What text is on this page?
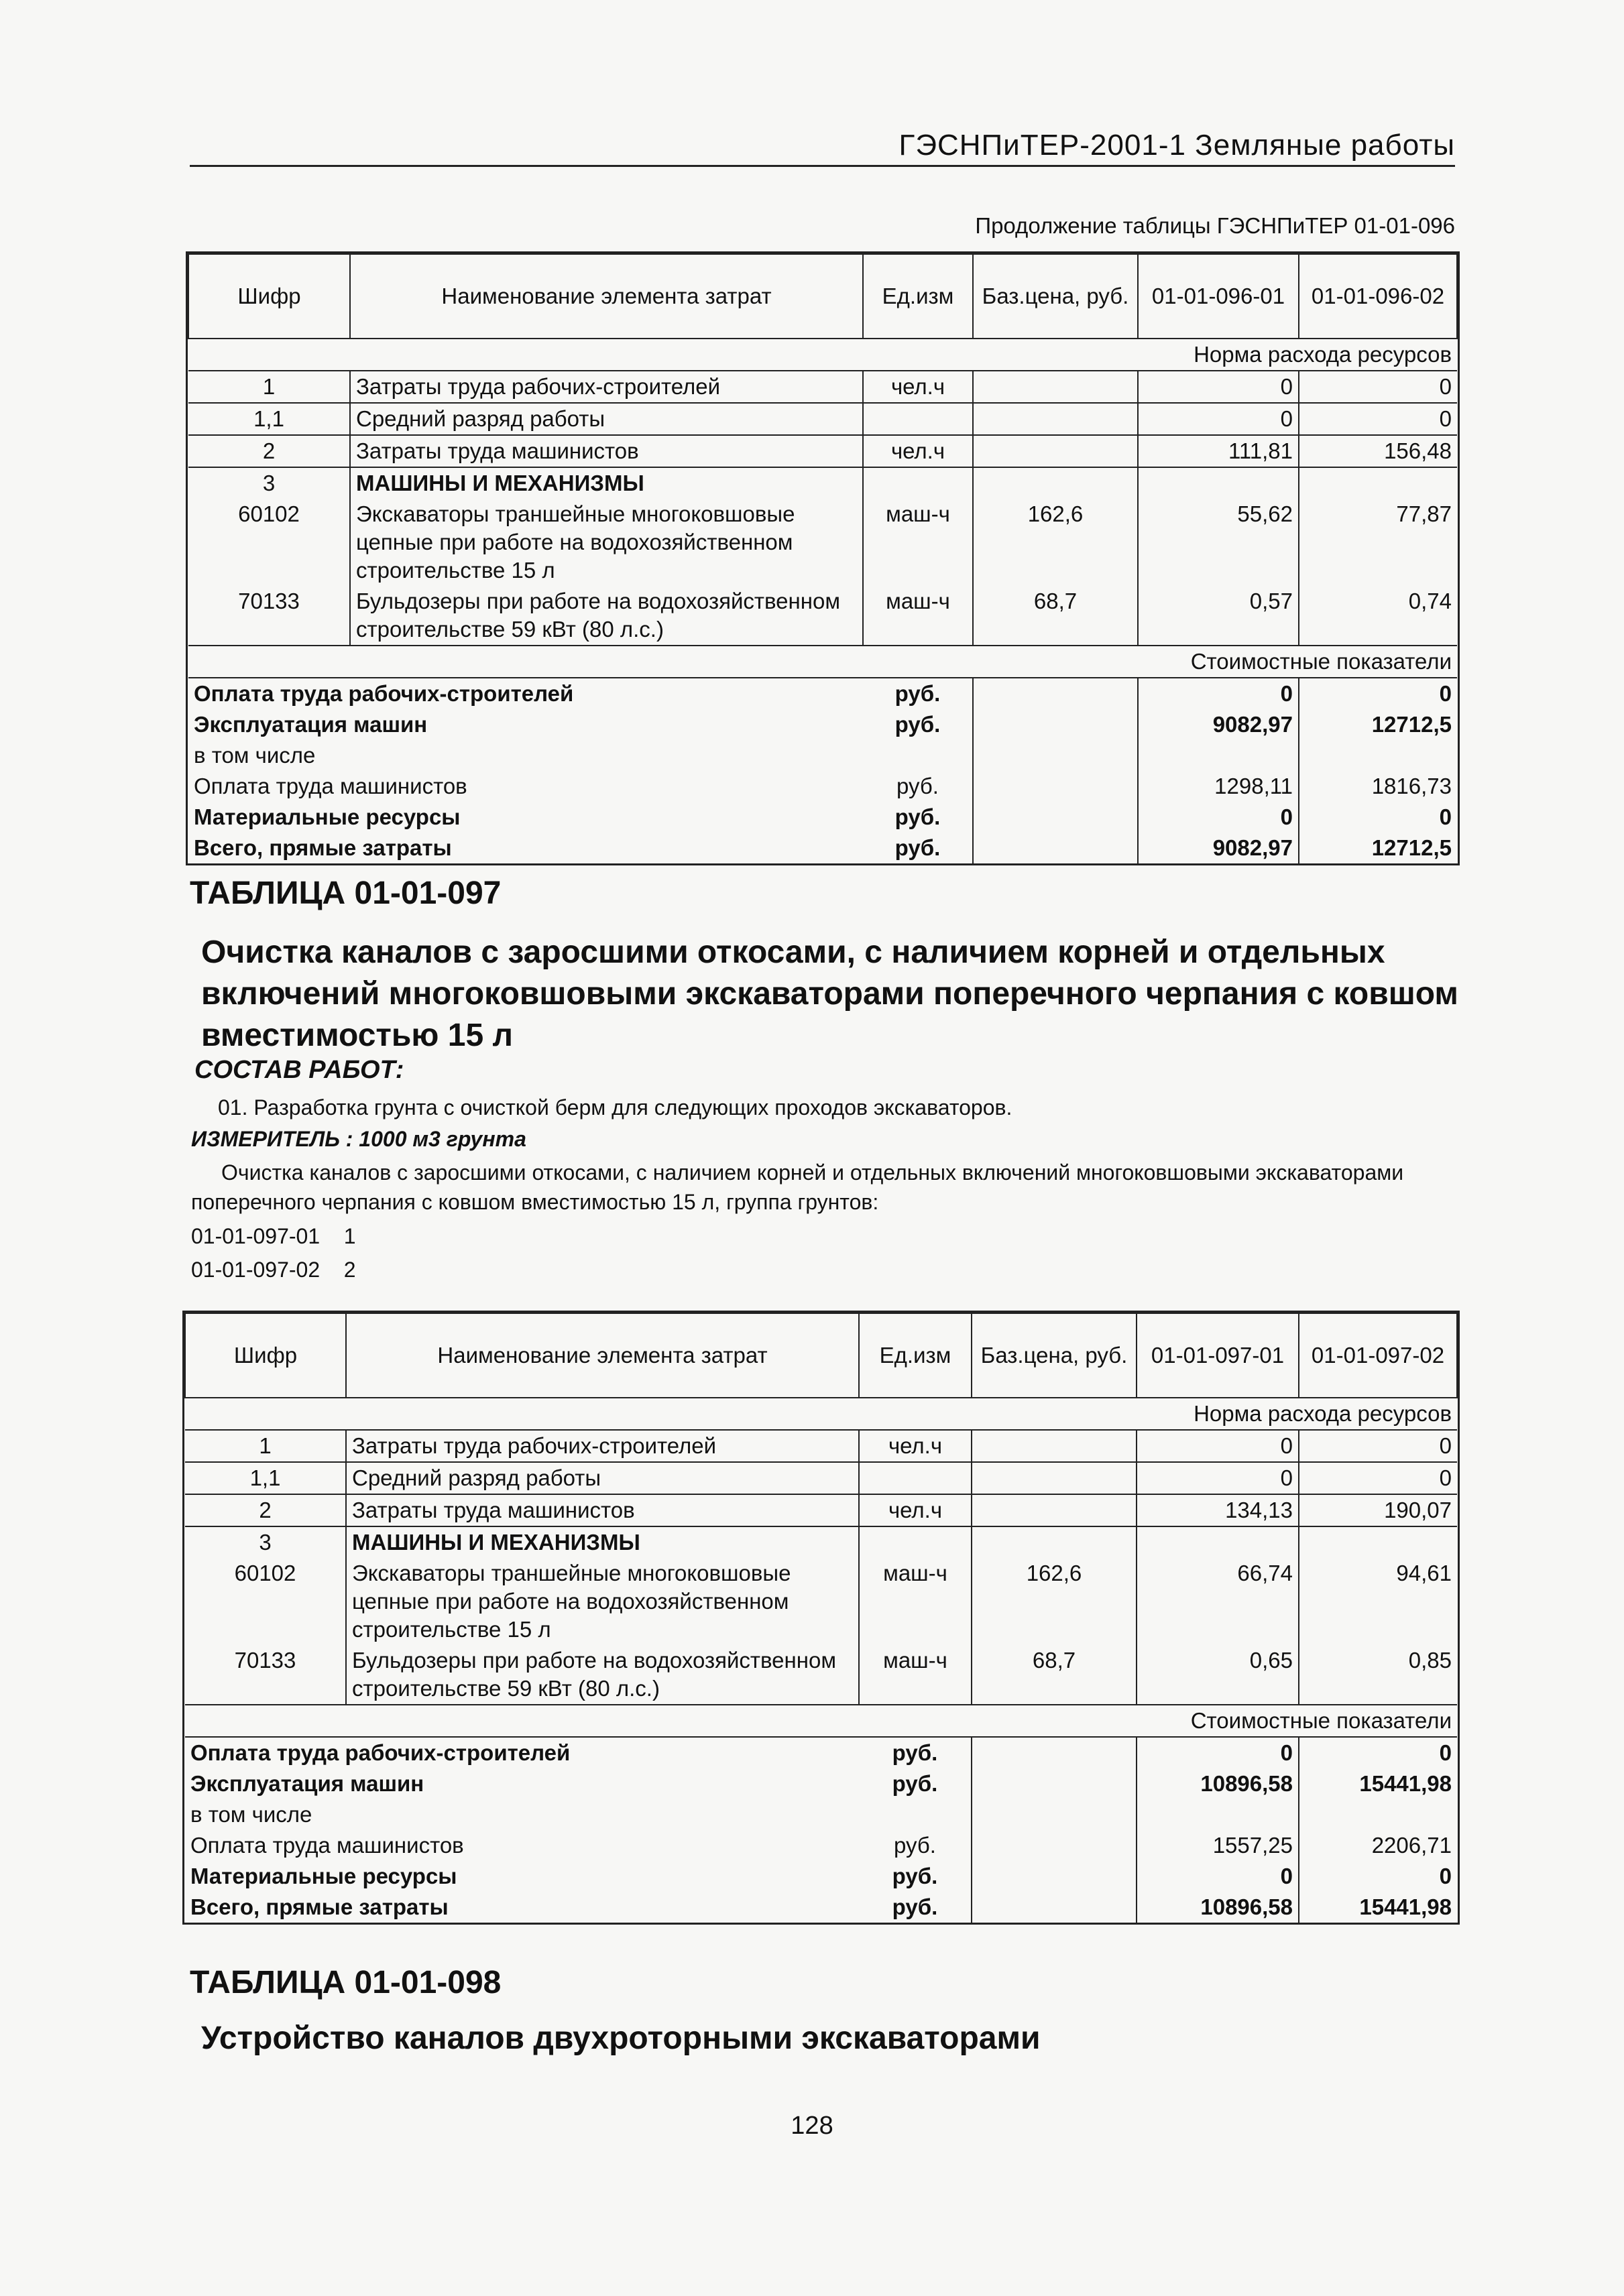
ГЭСНПиТЕР-2001-1 Земляные работы
Продолжение таблицы ГЭСНПиТЕР 01-01-096
Шифр	Наименование элемента затрат	Ед.изм	Баз.цена, руб.	01-01-096-01	01-01-096-02
Норма расхода ресурсов					
1	Затраты труда рабочих-строителей	чел.ч		0	0
1,1	Средний разряд работы			0	0
2	Затраты труда машинистов	чел.ч		111,81	156,48
3	МАШИНЫ И МЕХАНИЗМЫ				
60102	Экскаваторы траншейные многоковшовые цепные при работе на водохозяйственном строительстве 15 л	маш-ч	162,6	55,62	77,87
70133	Бульдозеры при работе на водохозяйственном строительстве 59 кВт (80 л.с.)	маш-ч	68,7	0,57	0,74
Стоимостные показатели					
Оплата труда рабочих-строителей		руб.		0	0
Эксплуатация машин		руб.		9082,97	12712,5
в том числе					
Оплата труда машинистов		руб.		1298,11	1816,73
Материальные ресурсы		руб.		0	0
Всего, прямые затраты		руб.		9082,97	12712,5
ТАБЛИЦА 01-01-097
Очистка каналов с заросшими откосами, с наличием корней и отдельных включений многоковшовыми экскаваторами поперечного черпания с ковшом вместимостью 15 л
СОСТАВ РАБОТ:
01. Разработка грунта с очисткой берм для следующих проходов экскаваторов.
ИЗМЕРИТЕЛЬ : 1000 м3 грунта
Очистка каналов с заросшими откосами, с наличием корней и отдельных включений многоковшовыми экскаваторами поперечного черпания с ковшом вместимостью 15 л, группа грунтов:
01-01-097-01 1
01-01-097-02 2
Шифр	Наименование элемента затрат	Ед.изм	Баз.цена, руб.	01-01-097-01	01-01-097-02
Норма расхода ресурсов					
1	Затраты труда рабочих-строителей	чел.ч		0	0
1,1	Средний разряд работы			0	0
2	Затраты труда машинистов	чел.ч		134,13	190,07
3	МАШИНЫ И МЕХАНИЗМЫ				
60102	Экскаваторы траншейные многоковшовые цепные при работе на водохозяйственном строительстве 15 л	маш-ч	162,6	66,74	94,61
70133	Бульдозеры при работе на водохозяйственном строительстве 59 кВт (80 л.с.)	маш-ч	68,7	0,65	0,85
Стоимостные показатели					
Оплата труда рабочих-строителей		руб.		0	0
Эксплуатация машин		руб.		10896,58	15441,98
в том числе					
Оплата труда машинистов		руб.		1557,25	2206,71
Материальные ресурсы		руб.		0	0
Всего, прямые затраты		руб.		10896,58	15441,98
ТАБЛИЦА 01-01-098
Устройство каналов двухроторными экскаваторами
128
